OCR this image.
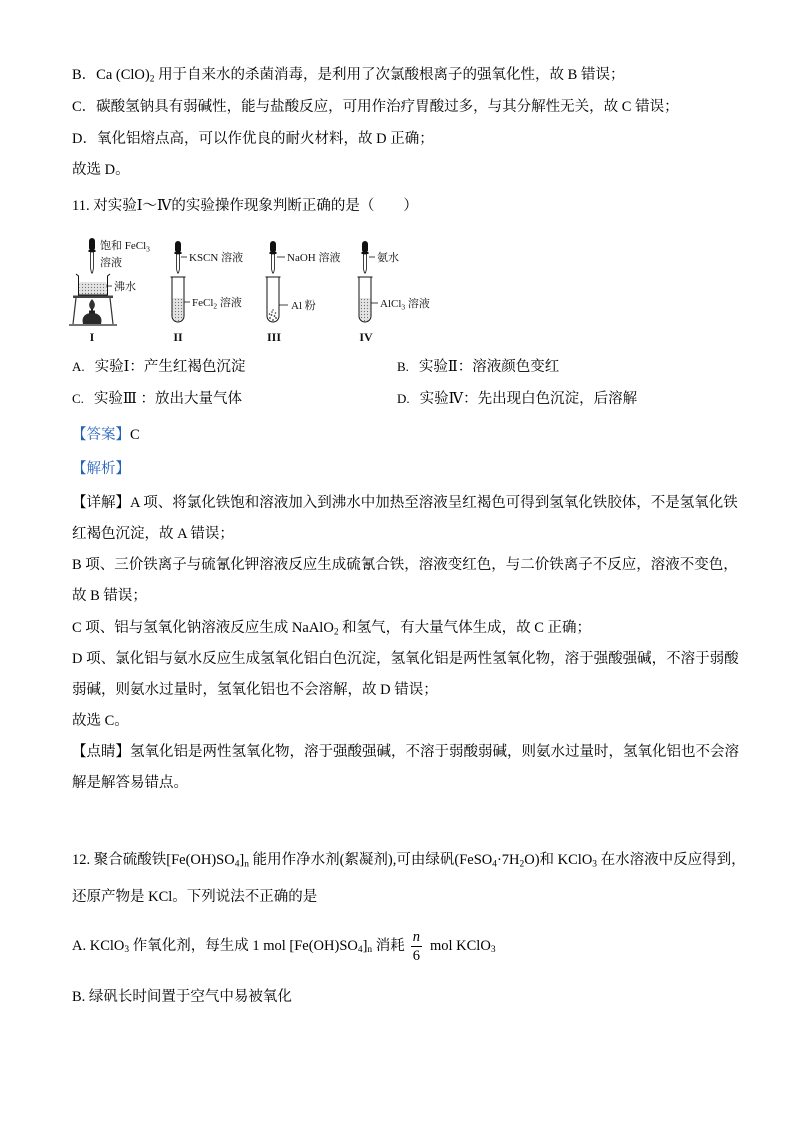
B．Ca $(ClO)_2$ 用于自来水的杀菌消毒，是利用了次氯酸根离子的强氧化性，故 B 错误；
C．碳酸氢钠具有弱碱性，能与盐酸反应，可用作治疗胃酸过多，与其分解性无关，故 C 错误；
D．氧化铝熔点高，可以作优良的耐火材料，故 D 正确；
故选 D。
11. 对实验Ⅰ～Ⅳ的实验操作现象判断正确的是（　　）
饱和 FeCl$_3$
溶液
沸水
I
KSCN 溶液
FeCl$_2$ 溶液
II
NaOH 溶液
Al 粉
III
氨水
AlCl$_3$ 溶液
IV
A. 实验Ⅰ：产生红褐色沉淀	B. 实验Ⅱ：溶液颜色变红
C. 实验Ⅲ ：放出大量气体	D. 实验Ⅳ：先出现白色沉淀，后溶解
【答案】C
【解析】
【详解】A 项、将氯化铁饱和溶液加入到沸水中加热至溶液呈红褐色可得到氢氧化铁胶体，不是氢氧化铁
红褐色沉淀，故 A 错误；
B 项、三价铁离子与硫氰化钾溶液反应生成硫氰合铁，溶液变红色，与二价铁离子不反应，溶液不变色，
故 B 错误；
C 项、铝与氢氧化钠溶液反应生成 NaAlO$_2$ 和氢气，有大量气体生成，故 C 正确；
D 项、氯化铝与氨水反应生成氢氧化铝白色沉淀，氢氧化铝是两性氢氧化物，溶于强酸强碱，不溶于弱酸
弱碱，则氨水过量时，氢氧化铝也不会溶解，故 D 错误；
故选 C。
【点睛】氢氧化铝是两性氢氧化物，溶于强酸强碱，不溶于弱酸弱碱，则氨水过量时，氢氧化铝也不会溶
解是解答易错点。
12. 聚合硫酸铁$[Fe(OH)SO_4]_n$ 能用作净水剂(絮凝剂),可由绿矾$(FeSO_4\cdot 7H_2O)$和 KClO$_3$ 在水溶液中反应得到，
还原产物是 KCl。下列说法不正确的是
A. KClO$_3$ 作氧化剂，每生成 1 mol $[Fe(OH)SO_4]_n$ 消耗 $\frac{n}{6}$ mol KClO$_3$
B. 绿矾长时间置于空气中易被氧化
